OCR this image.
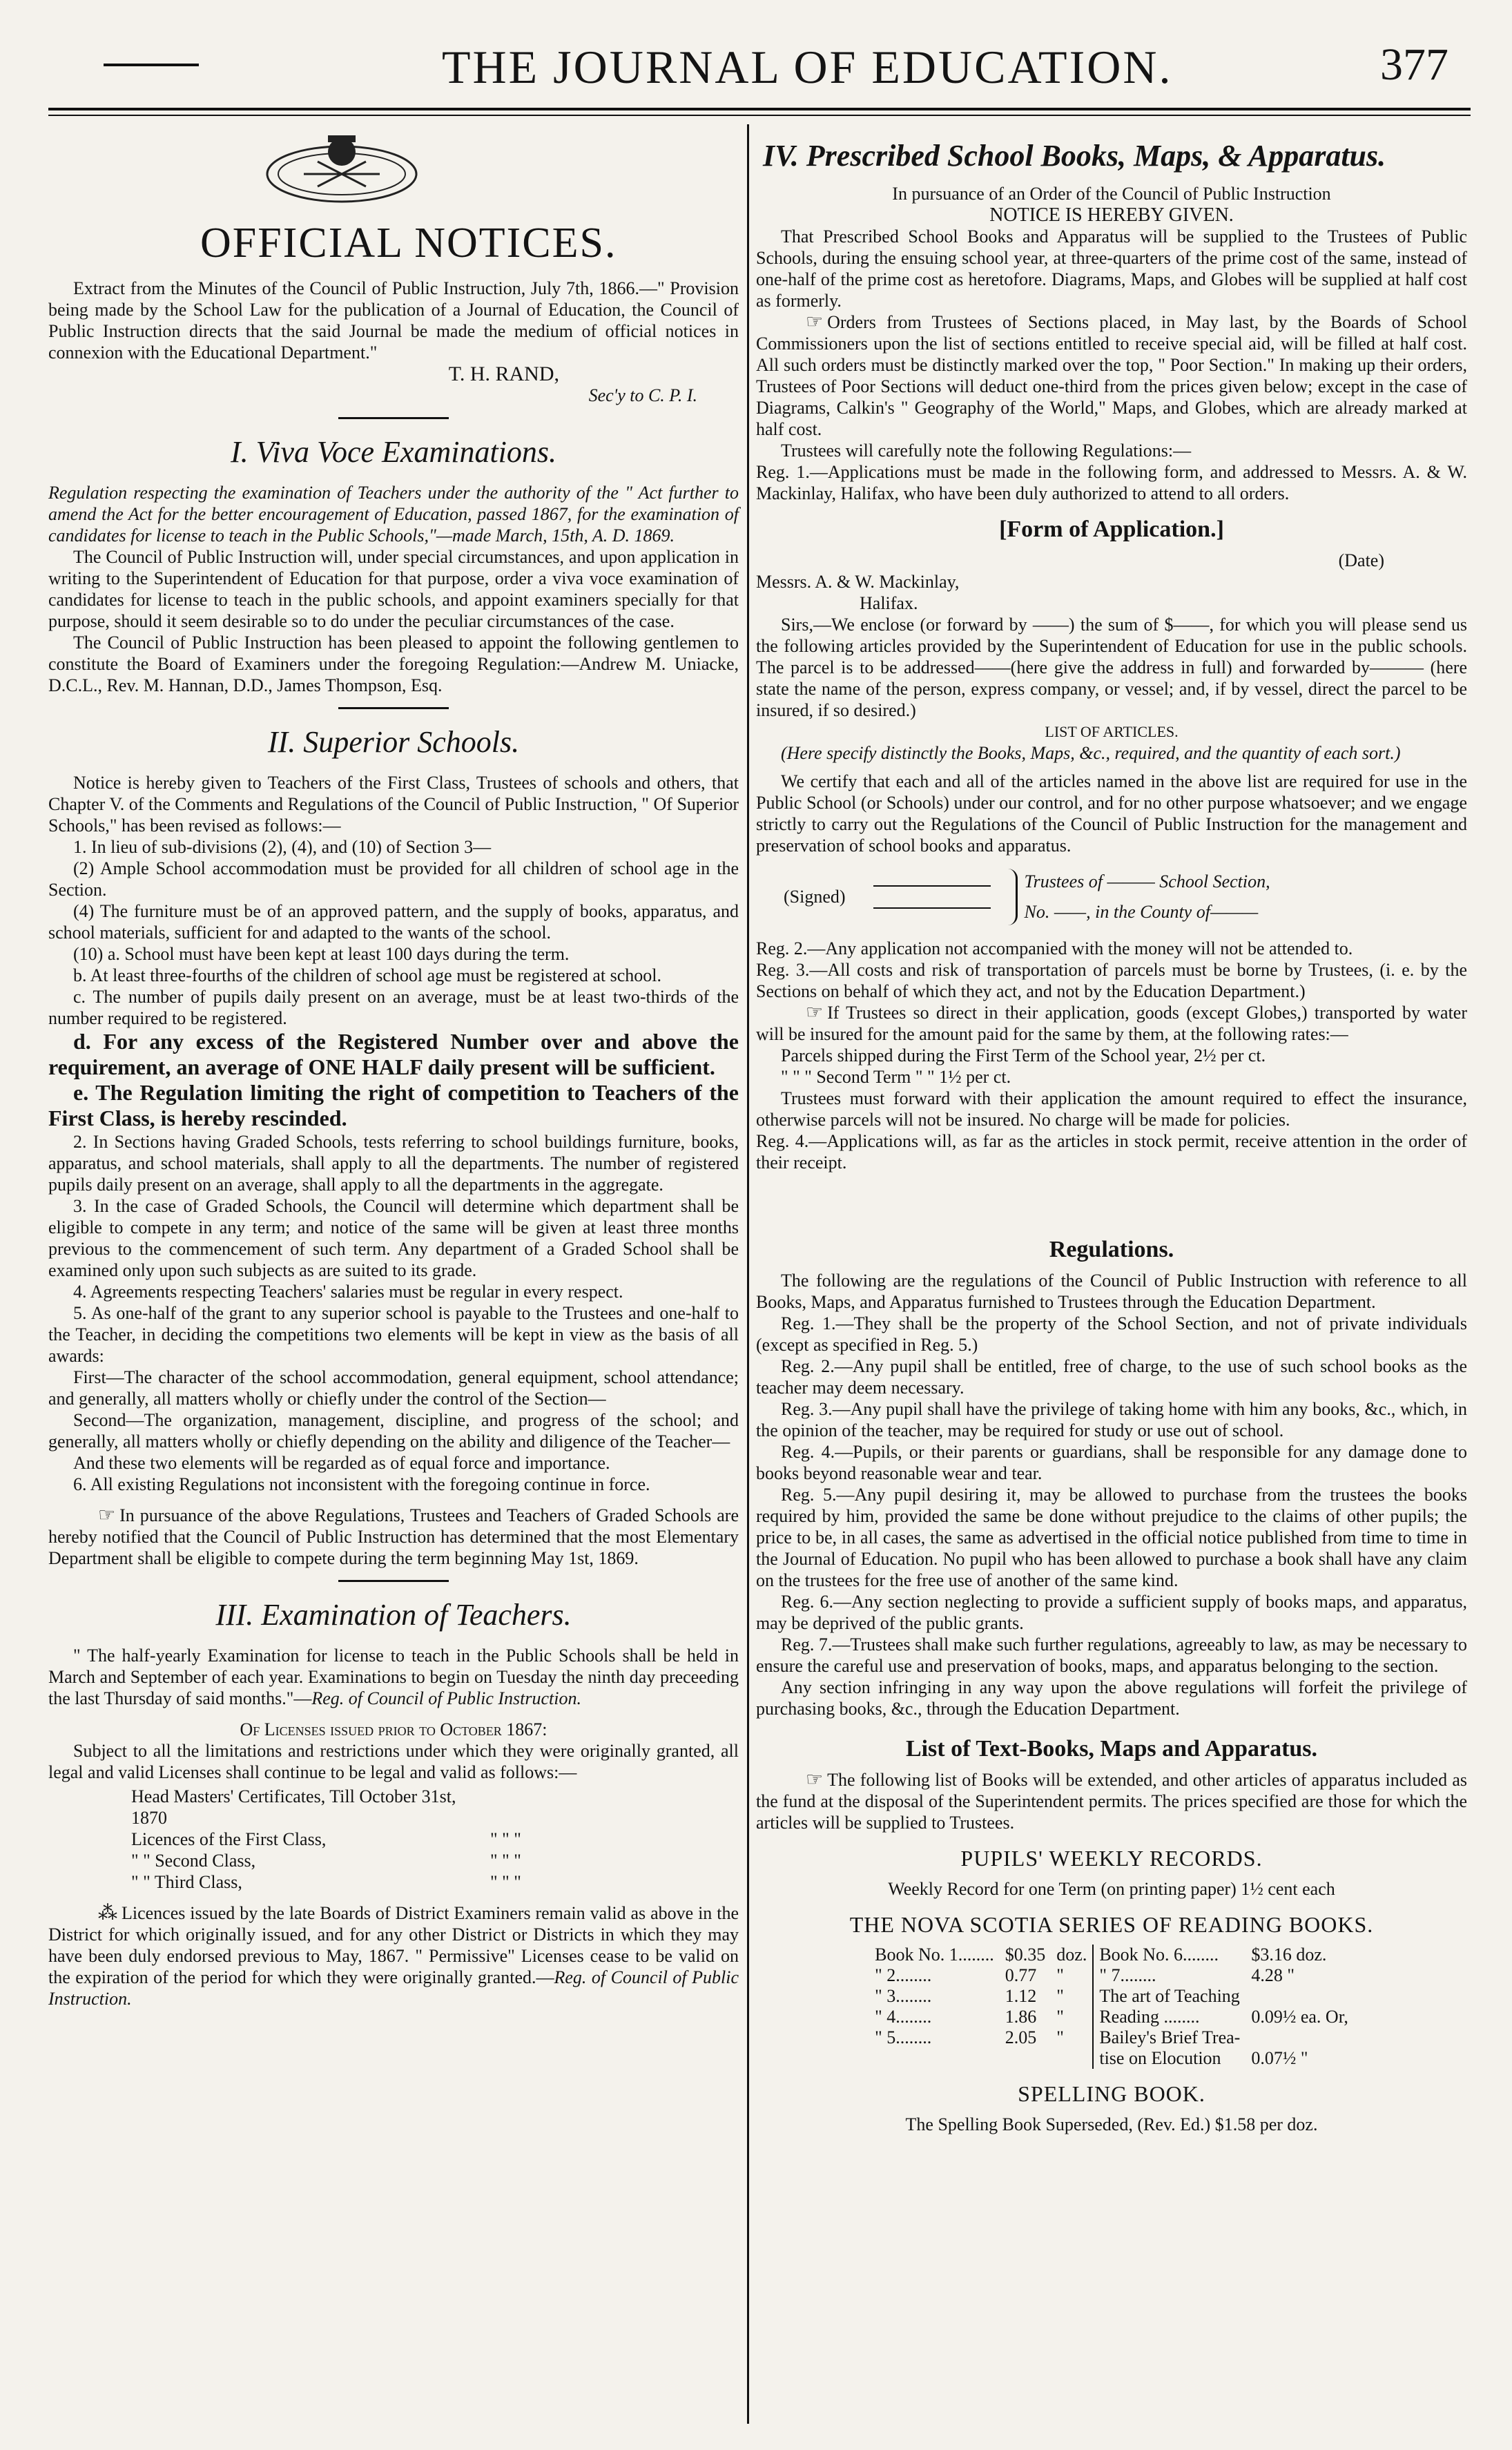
THE JOURNAL OF EDUCATION.	377
OFFICIAL NOTICES.

Extract from the Minutes of the Council of Public Instruction, July 7th, 1866.—" Provision being made by the School Law for the publication of a Journal of Education, the Council of Public Instruction directs that the said Journal be made the medium of official notices in connexion with the Educational Department."

T. H. RAND,

Sec'y to C. P. I.

I. Viva Voce Examinations.

Regulation respecting the examination of Teachers under the authority of the " Act further to amend the Act for the better encouragement of Education, passed 1867, for the examination of candidates for license to teach in the Public Schools,"—made March, 15th, A. D. 1869.

The Council of Public Instruction will, under special circumstances, and upon application in writing to the Superintendent of Education for that purpose, order a viva voce examination of candidates for license to teach in the public schools, and appoint examiners specially for that purpose, should it seem desirable so to do under the peculiar circumstances of the case.

The Council of Public Instruction has been pleased to appoint the following gentlemen to constitute the Board of Examiners under the foregoing Regulation:—Andrew M. Uniacke, D.C.L., Rev. M. Hannan, D.D., James Thompson, Esq.

II. Superior Schools.

Notice is hereby given to Teachers of the First Class, Trustees of schools and others, that Chapter V. of the Comments and Regulations of the Council of Public Instruction, " Of Superior Schools," has been revised as follows:—

1. In lieu of sub-divisions (2), (4), and (10) of Section 3—

(2) Ample School accommodation must be provided for all children of school age in the Section.

(4) The furniture must be of an approved pattern, and the supply of books, apparatus, and school materials, sufficient for and adapted to the wants of the school.

(10) a. School must have been kept at least 100 days during the term.

b. At least three-fourths of the children of school age must be registered at school.

c. The number of pupils daily present on an average, must be at least two-thirds of the number required to be registered.

d. For any excess of the Registered Number over and above the requirement, an average of ONE HALF daily present will be sufficient.

e. The Regulation limiting the right of competition to Teachers of the First Class, is hereby rescinded.

2. In Sections having Graded Schools, tests referring to school buildings furniture, books, apparatus, and school materials, shall apply to all the departments. The number of registered pupils daily present on an average, shall apply to all the departments in the aggregate.

3. In the case of Graded Schools, the Council will determine which department shall be eligible to compete in any term; and notice of the same will be given at least three months previous to the commencement of such term. Any department of a Graded School shall be examined only upon such subjects as are suited to its grade.

4. Agreements respecting Teachers' salaries must be regular in every respect.

5. As one-half of the grant to any superior school is payable to the Trustees and one-half to the Teacher, in deciding the competitions two elements will be kept in view as the basis of all awards:

First—The character of the school accommodation, general equipment, school attendance; and generally, all matters wholly or chiefly under the control of the Section—

Second—The organization, management, discipline, and progress of the school; and generally, all matters wholly or chiefly depending on the ability and diligence of the Teacher—

And these two elements will be regarded as of equal force and importance.

6. All existing Regulations not inconsistent with the foregoing continue in force.

☞ In pursuance of the above Regulations, Trustees and Teachers of Graded Schools are hereby notified that the Council of Public Instruction has determined that the most Elementary Department shall be eligible to compete during the term beginning May 1st, 1869.

III. Examination of Teachers.

" The half-yearly Examination for license to teach in the Public Schools shall be held in March and September of each year. Examinations to begin on Tuesday the ninth day preceeding the last Thursday of said months."—Reg. of Council of Public Instruction.

Of Licenses issued prior to October 1867:

Subject to all the limitations and restrictions under which they were originally granted, all legal and valid Licenses shall continue to be legal and valid as follows:—

Head Masters' Certificates, Till October 31st, 1870
Licences of the First Class,	" " "
" " Second Class,	" " "
" " Third Class,	" " "

⁂ Licences issued by the late Boards of District Examiners remain valid as above in the District for which originally issued, and for any other District or Districts in which they may have been duly endorsed previous to May, 1867. " Permissive" Licenses cease to be valid on the expiration of the period for which they were originally granted.—Reg. of Council of Public Instruction.

IV. Prescribed School Books, Maps, & Apparatus.

In pursuance of an Order of the Council of Public Instruction

NOTICE IS HEREBY GIVEN.

That Prescribed School Books and Apparatus will be supplied to the Trustees of Public Schools, during the ensuing school year, at three-quarters of the prime cost of the same, instead of one-half of the prime cost as heretofore. Diagrams, Maps, and Globes will be supplied at half cost as formerly.

☞ Orders from Trustees of Sections placed, in May last, by the Boards of School Commissioners upon the list of sections entitled to receive special aid, will be filled at half cost. All such orders must be distinctly marked over the top, " Poor Section." In making up their orders, Trustees of Poor Sections will deduct one-third from the prices given below; except in the case of Diagrams, Calkin's " Geography of the World," Maps, and Globes, which are already marked at half cost.

Trustees will carefully note the following Regulations:—

Reg. 1.—Applications must be made in the following form, and addressed to Messrs. A. & W. Mackinlay, Halifax, who have been duly authorized to attend to all orders.

[Form of Application.]

(Date)

Messrs. A. & W. Mackinlay,

Halifax.

Sirs,—We enclose (or forward by ——) the sum of $——, for which you will please send us the following articles provided by the Superintendent of Education for use in the public schools. The parcel is to be addressed——(here give the address in full) and forwarded by——— (here state the name of the person, express company, or vessel; and, if by vessel, direct the parcel to be insured, if so desired.)

LIST OF ARTICLES.

(Here specify distinctly the Books, Maps, &c., required, and the quantity of each sort.)

We certify that each and all of the articles named in the above list are required for use in the Public School (or Schools) under our control, and for no other purpose whatsoever; and we engage strictly to carry out the Regulations of the Council of Public Instruction for the management and preservation of school books and apparatus.

(Signed)
Trustees of ——— School Section,
No. ——, in the County of———

Reg. 2.—Any application not accompanied with the money will not be attended to.

Reg. 3.—All costs and risk of transportation of parcels must be borne by Trustees, (i. e. by the Sections on behalf of which they act, and not by the Education Department.)

☞ If Trustees so direct in their application, goods (except Globes,) transported by water will be insured for the amount paid for the same by them, at the following rates:—

Parcels shipped during the First Term of the School year, 2½ per ct.

" " " Second Term " " 1½ per ct.

Trustees must forward with their application the amount required to effect the insurance, otherwise parcels will not be insured. No charge will be made for policies.

Reg. 4.—Applications will, as far as the articles in stock permit, receive attention in the order of their receipt.

Regulations.

The following are the regulations of the Council of Public Instruction with reference to all Books, Maps, and Apparatus furnished to Trustees through the Education Department.

Reg. 1.—They shall be the property of the School Section, and not of private individuals (except as specified in Reg. 5.)

Reg. 2.—Any pupil shall be entitled, free of charge, to the use of such school books as the teacher may deem necessary.

Reg. 3.—Any pupil shall have the privilege of taking home with him any books, &c., which, in the opinion of the teacher, may be required for study or use out of school.

Reg. 4.—Pupils, or their parents or guardians, shall be responsible for any damage done to books beyond reasonable wear and tear.

Reg. 5.—Any pupil desiring it, may be allowed to purchase from the trustees the books required by him, provided the same be done without prejudice to the claims of other pupils; the price to be, in all cases, the same as advertised in the official notice published from time to time in the Journal of Education. No pupil who has been allowed to purchase a book shall have any claim on the trustees for the free use of another of the same kind.

Reg. 6.—Any section neglecting to provide a sufficient supply of books maps, and apparatus, may be deprived of the public grants.

Reg. 7.—Trustees shall make such further regulations, agreeably to law, as may be necessary to ensure the careful use and preservation of books, maps, and apparatus belonging to the section.

Any section infringing in any way upon the above regulations will forfeit the privilege of purchasing books, &c., through the Education Department.

List of Text-Books, Maps and Apparatus.

☞ The following list of Books will be extended, and other articles of apparatus included as the fund at the disposal of the Superintendent permits. The prices specified are those for which the articles will be supplied to Trustees.

PUPILS' WEEKLY RECORDS.

Weekly Record for one Term (on printing paper) 1½ cent each

THE NOVA SCOTIA SERIES OF READING BOOKS.
Book No. 1........	$0.35	doz.		Book No. 6........	$3.16 doz.
" 2........	0.77	"	" 7........	4.28 "
" 3........	1.12	"	The art of Teaching	
" 4........	1.86	"	Reading ........	0.09½ ea. Or,
" 5........	2.05	"	Bailey's Brief Trea-	
			tise on Elocution	0.07½ "
SPELLING BOOK.

The Spelling Book Superseded, (Rev. Ed.) $1.58 per doz.
